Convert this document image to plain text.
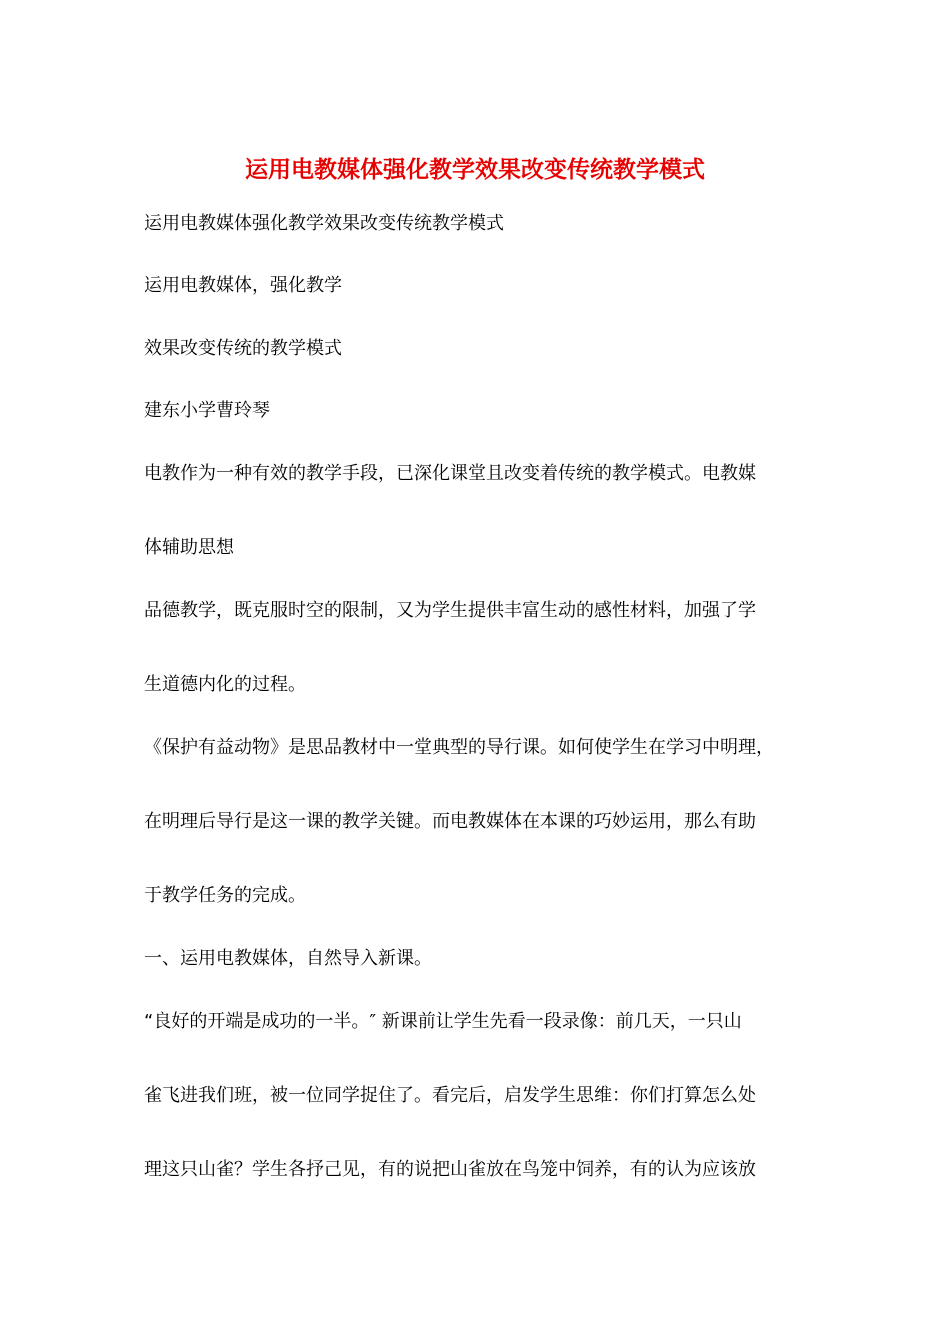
运用电教媒体强化教学效果改变传统教学模式
运用电教媒体强化教学效果改变传统教学模式
运用电教媒体，强化教学
效果改变传统的教学模式
建东小学曹玲琴
电教作为一种有效的教学手段，已深化课堂且改变着传统的教学模式。电教媒
体辅助思想
品德教学，既克服时空的限制，又为学生提供丰富生动的感性材料，加强了学
生道德内化的过程。
《保护有益动物》是思品教材中一堂典型的导行课。如何使学生在学习中明理，
在明理后导行是这一课的教学关键。而电教媒体在本课的巧妙运用，那么有助
于教学任务的完成。
一、运用电教媒体，自然导入新课。
“良好的开端是成功的一半。″ 新课前让学生先看一段录像：前几天，一只山
雀飞进我们班，被一位同学捉住了。看完后，启发学生思维：你们打算怎么处
理这只山雀？学生各抒己见，有的说把山雀放在鸟笼中饲养，有的认为应该放
